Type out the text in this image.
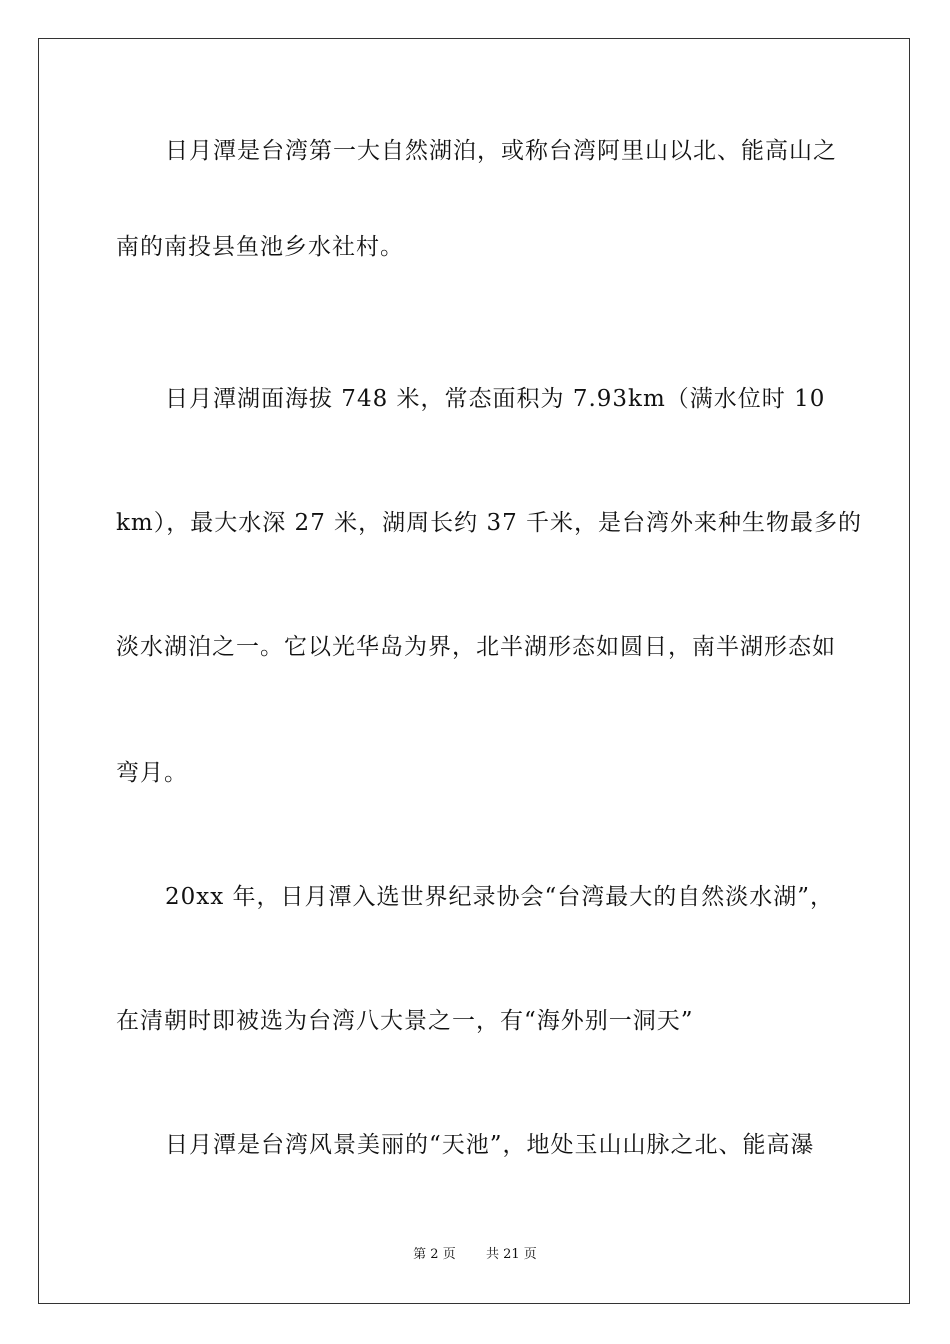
日月潭是台湾第一大自然湖泊，或称台湾阿里山以北、能高山之
南的南投县鱼池乡水社村。
日月潭湖面海拔 748 米，常态面积为 7.93km（满水位时 10
km），最大水深 27 米，湖周长约 37 千米，是台湾外来种生物最多的
淡水湖泊之一。它以光华岛为界，北半湖形态如圆日，南半湖形态如
弯月。
20xx 年，日月潭入选世界纪录协会“台湾最大的自然淡水湖”，
在清朝时即被选为台湾八大景之一，有“海外别一洞天”
日月潭是台湾风景美丽的“天池”，地处玉山山脉之北、能高瀑
第 2 页 共 21 页
